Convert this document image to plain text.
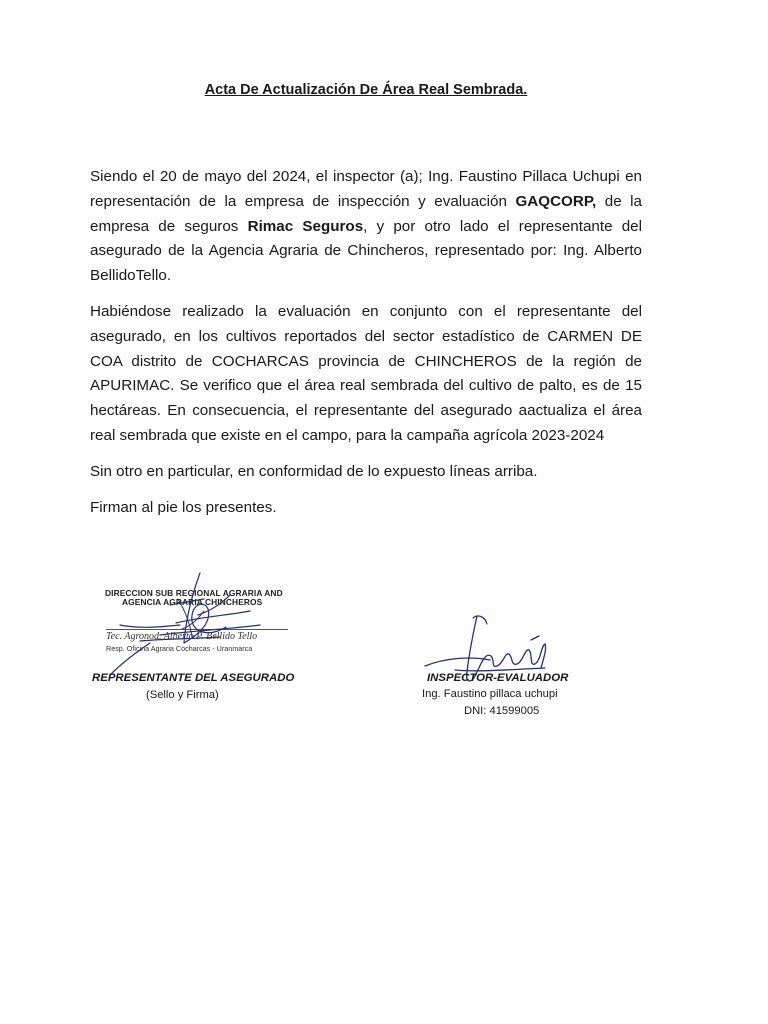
Acta De Actualización De Área Real Sembrada.

Siendo el 20 de mayo del 2024, el inspector (a); Ing. Faustino Pillaca Uchupi en representación de la empresa de inspección y evaluación GAQCORP, de la empresa de seguros Rimac Seguros, y por otro lado el representante del asegurado de la Agencia Agraria de Chincheros, representado por: Ing. Alberto BellidoTello.

Habiéndose realizado la evaluación en conjunto con el representante del asegurado, en los cultivos reportados del sector estadístico de CARMEN DE COA distrito de COCHARCAS provincia de CHINCHEROS de la región de APURIMAC. Se verifico que el área real sembrada del cultivo de palto, es de 15 hectáreas. En consecuencia, el representante del asegurado aactualiza el área real sembrada que existe en el campo, para la campaña agrícola 2023-2024

Sin otro en particular, en conformidad de lo expuesto líneas arriba.

Firman al pie los presentes.

DIRECCION SUB REGIONAL AGRARIA AND
AGENCIA AGRARIA CHINCHEROS
Tec. Agronod. Alberto P. Bellido Tello
Resp. Oficina Agraria Cocharcas - Uranmarca
REPRESENTANTE DEL ASEGURADO
(Sello y Firma)
INSPECTOR-EVALUADOR
Ing. Faustino pillaca uchupi
DNI: 41599005
